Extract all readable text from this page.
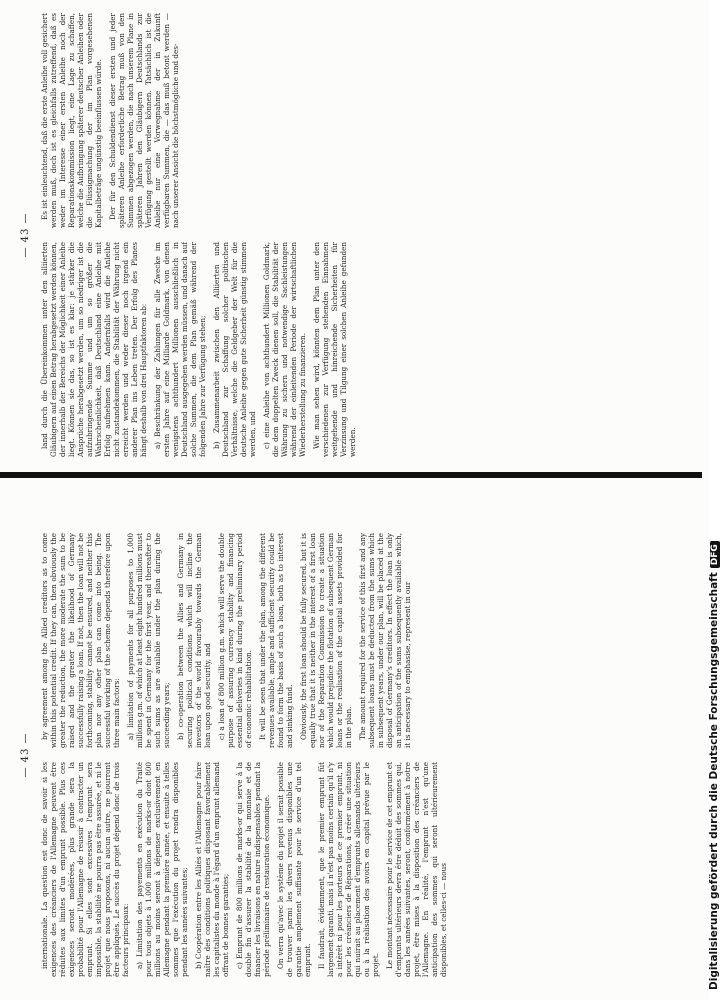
— 43 —

land durch die Übereinkommen unter den alliierten Gläubigern auf einen Betrag herabgesetzt werden können, der innerhalb der Bereichs der Möglichkeit einer Anleihe liegt. Können sie das, so ist es klar: je stärker die Ansprüche herabgesetzt werden, um so niedriger ist die aufzubringende Summe und um so größer die Wahrscheinlichkeit, daß Deutschland eine Anleihe mit Erfolg aufnehmen kann. Andernfalls wird die Anleihe nicht zustandekommen, die Stabilität der Währung nicht erreicht werden und weder dieser noch irgend ein anderer Plan ins Leben treten. Der Erfolg des Planes hängt deshalb von drei Hauptfaktoren ab: a) Beschränkung der Zahlungen für alle Zwecke im ersten Jahre auf eine Milliarde Goldmark, von denen wenigstens achthundert Millionen ausschließlich in Deutschland ausgegeben werden müssen, und danach auf solche Summen, die dem Plan gemäß während der folgenden Jahre zur Verfügung stehen; b) Zusammenarbeit zwischen den Alliierten und Deutschland zur Schaffung solcher politischen Verhältnisse, welche die Geldgeber der Welt für die deutsche Anleihe gegen gute Sicherheit günstig stimmen werden, und c) eine Anleihe von achthundert Millionen Goldmark, die dem doppelten Zweck dienen soll, die Stabilität der Währung zu sichern und notwendige Sachleistungen während der einleitenden Periode der wirtschaftlichen Wiederherstellung zu finanzieren. Wie man sehen wird, könnten dem Plan unter den verschiedenen zur Verfügung stehenden Einnahmen weitgehende und hinreichende Sicherheiten für Verzinsung und Tilgung einer solchen Anleihe gefunden werden.

Es ist einleuchtend, daß die erste Anleihe voll gesichert werden muß, doch ist es gleichfalls zutreffend, daß es weder im Interesse einer ersten Anleihe noch der Reparationskommission liegt, eine Lage zu schaffen, welche die Aufbringung späterer deutscher Anleihen oder die Flüssigmachung der im Plan vorgesehenen Kapitalbeträge ungünstig beeinflussen würde. Der für den Schuldendienst dieser ersten und jeder späteren Anleihe erforderliche Betrag muß von den Summen abgezogen werden, die nach unserem Plane in späteren Jahren den Gläubigern Deutschlands zur Verfügung gestellt werden können. Tatsächlich ist die Anleihe nur eine Vorwegnahme der in Zukunft verfügbaren Summen, die — das muß betont werden — nach unserer Ansicht die höchstmögliche und des-

— 43 —

internationale. La question est donc de savoir si les exigences des créanciers de l'Allemagne peuvent être réduites aux limites d'un emprunt possible. Plus ces exigences seront modérées, plus grande sera la probabilité pour l'Allemagne de réussir à contracter un emprunt. Si elles sont excessives l'emprunt sera impossible, la stabilité ne pourra pas être assurée, et ni le projet que nous proposons, ni aucun autre, ne pourront être appliqués. Le succès du projet dépend donc de trois facteurs principaux: a) Limitation des payements en exécution du Traité pour tous objets à 1.000 millions de marks-or dont 800 millions au moins seront à dépenser exclusivement en Allemagne pendant la première année, et ensuite à telles sommes que l'exécution du projet rendra disponibles pendant les années suivantes; b) Coopération entre les Alliés et l'Allemagne pour faire naître des conditions politiques disposant favorablement les capitalistes du monde à l'égard d'un emprunt allemand offrant de bonnes garanties; c) Emprunt de 800 millions de marks-or qui serve à la double fin d'assurer la stabilité de la monnaie et de financer les livraisons en nature indispensables pendant la période préliminaire de restauration économique. On verra qu'avec le système du projet il serait possible de trouver parmi les divers revenus disponibles une garantie amplement suffisante pour le service d'un tel emprunt. Il faudrait, évidemment, que le premier emprunt fût largement garanti, mais il n'est pas moins certain qu'il n'y a intérêt ni pour les porteurs de ce premier emprunt, ni pour les créanciers de Réparations, à créer une situation qui nuirait au placement d'emprunts allemands ultérieurs ou à la réalisation des avoirs en capital prévue par le projet. Le montant nécessaire pour le service de cet emprunt et d'emprunts ultérieurs devra être déduit des sommes qui, dans les années suivantes, seront, conformément à notre projet, être mises à la disposition des créanciers de l'Allemagne. En réalité, l'emprunt n'est qu'une anticipation des sommes qui seront ultérieurement disponibles, et celles-ci — nous

by agreement among the Allied creditors as to come within this potential credit. If they can, then obviously the greater the reduction, the more moderate the sum to be raised and the greater the likelihood of Germany successfully raising a loan. If not, then the loan will not be forthcoming, stability cannot be ensured, and neither this plan nor any other plan can come into being. The successful working of the scheme depends therefore upon three main factors: a) limitation of payments for all purposes to 1,000 millions g.m. of which at least eight hundred millions must be spent in Germany for the first year, and thereafter to such sums as are available under the plan during the succeeding years; b) co-operation between the Allies and Germany in securing political conditions which will incline the investors of the world favourably towards the German loan upon good security, and c) a loan of 800 million g.m. which will serve the double purpose of assuring currency stability and financing essential deliveries in kind during the preliminary period of economic rehabilitation. It will be seen that under the plan, among the different revenues available, ample and sufficient security could be found to form the basis of such a loan, both as to interest and sinking fund. Obviously, the first loan should be fully secured, but it is equally true that it is neither in the interest of a first loan nor of the Reparation Commission to create a situation which would prejudice the flotation of subsequent German loans or the realisation of the capital assets provided for in the plan. The amount required for the service of this first and any subsequent loans must be deducted from the sums which in subsequent years, under our plan, will be placed at the disposal of Germany's creditors. In effect the loan is only an anticipation of the sums subsequently available which, it is necessary to emphasise, represent in our	Digitalisierung gefördert durch die Deutsche ForschungsgemeinschaftDFG
